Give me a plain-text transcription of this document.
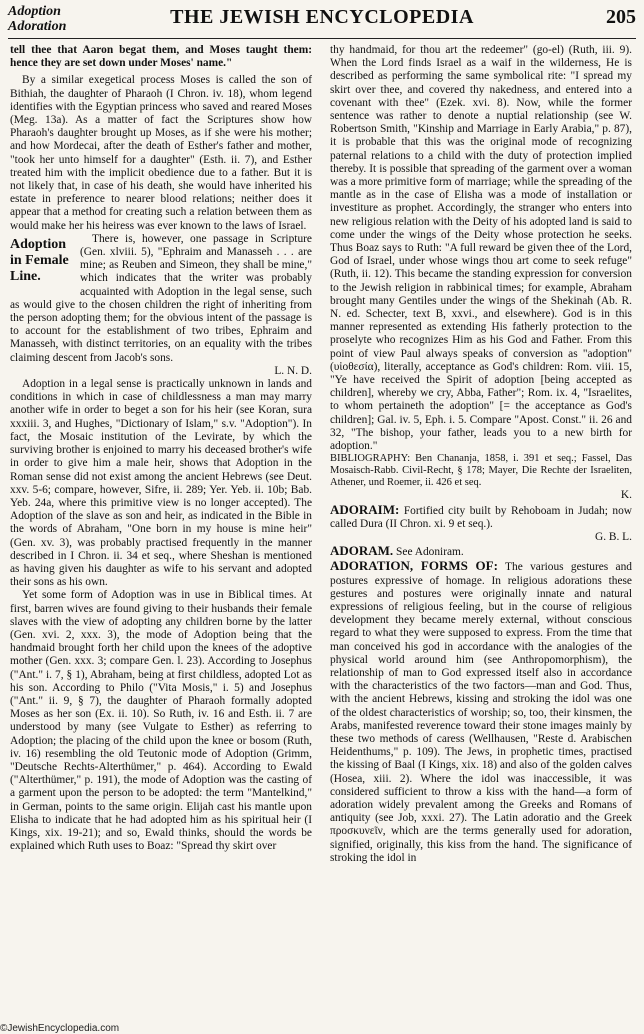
Adoption
Adoration	THE JEWISH ENCYCLOPEDIA	205

tell thee that Aaron begat them, and Moses taught them: hence they are set down under Moses' name."

By a similar exegetical process Moses is called the son of Bithiah, the daughter of Pharaoh (I Chron. iv. 18), whom legend identifies with the Egyptian princess who saved and reared Moses (Meg. 13a). As a matter of fact the Scriptures show how Pharaoh's daughter brought up Moses, as if she were his mother; and how Mordecai, after the death of Esther's father and mother, "took her unto himself for a daughter" (Esth. ii. 7), and Esther treated him with the implicit obedience due to a father. But it is not likely that, in case of his death, she would have inherited his estate in preference to nearer blood relations; neither does it appear that a method for creating such a relation between them as would make her his heiress was ever known to the laws of Israel.

Adoption in Female Line.

There is, however, one passage in Scripture (Gen. xlviii. 5), "Ephraim and Manasseh . . . are mine; as Reuben and Simeon, they shall be mine," which indicates that the writer was probably acquainted with Adoption in the legal sense, such as would give to the chosen children the right of inheriting from the person adopting them; for the obvious intent of the passage is to account for the establishment of two tribes, Ephraim and Manasseh, with distinct territories, on an equality with the tribes claiming descent from Jacob's sons.

L. N. D.

Adoption in a legal sense is practically unknown in lands and conditions in which in case of childlessness a man may marry another wife in order to beget a son for his heir (see Koran, sura xxxiii. 3, and Hughes, "Dictionary of Islam," s.v. "Adoption"). In fact, the Mosaic institution of the Levirate, by which the surviving brother is enjoined to marry his deceased brother's wife in order to give him a male heir, shows that Adoption in the Roman sense did not exist among the ancient Hebrews (see Deut. xxv. 5-6; compare, however, Sifre, ii. 289; Yer. Yeb. ii. 10b; Bab. Yeb. 24a, where this primitive view is no longer accepted). The Adoption of the slave as son and heir, as indicated in the Bible in the words of Abraham, "One born in my house is mine heir" (Gen. xv. 3), was probably practised frequently in the manner described in I Chron. ii. 34 et seq., where Sheshan is mentioned as having given his daughter as wife to his servant and adopted their sons as his own.

Yet some form of Adoption was in use in Biblical times. At first, barren wives are found giving to their husbands their female slaves with the view of adopting any children borne by the latter (Gen. xvi. 2, xxx. 3), the mode of Adoption being that the handmaid brought forth her child upon the knees of the adoptive mother (Gen. xxx. 3; compare Gen. l. 23). According to Josephus ("Ant." i. 7, § 1), Abraham, being at first childless, adopted Lot as his son. According to Philo ("Vita Mosis," i. 5) and Josephus ("Ant." ii. 9, § 7), the daughter of Pharaoh formally adopted Moses as her son (Ex. ii. 10). So Ruth, iv. 16 and Esth. ii. 7 are understood by many (see Vulgate to Esther) as referring to Adoption; the placing of the child upon the knee or bosom (Ruth, iv. 16) resembling the old Teutonic mode of Adoption (Grimm, "Deutsche Rechts-Alterthümer," p. 464). According to Ewald ("Alterthümer," p. 191), the mode of Adoption was the casting of a garment upon the person to be adopted: the term "Mantelkind," in German, points to the same origin. Elijah cast his mantle upon Elisha to indicate that he had adopted him as his spiritual heir (I Kings, xix. 19-21); and so, Ewald thinks, should the words be explained which Ruth uses to Boaz: "Spread thy skirt over

thy handmaid, for thou art the redeemer" (go-el) (Ruth, iii. 9). When the Lord finds Israel as a waif in the wilderness, He is described as performing the same symbolical rite: "I spread my skirt over thee, and covered thy nakedness, and entered into a covenant with thee" (Ezek. xvi. 8). Now, while the former sentence was rather to denote a nuptial relationship (see W. Robertson Smith, "Kinship and Marriage in Early Arabia," p. 87), it is probable that this was the original mode of recognizing paternal relations to a child with the duty of protection implied thereby. It is possible that spreading of the garment over a woman was a more primitive form of marriage; while the spreading of the mantle as in the case of Elisha was a mode of installation or investiture as prophet. Accordingly, the stranger who enters into new religious relation with the Deity of his adopted land is said to come under the wings of the Deity whose protection he seeks. Thus Boaz says to Ruth: "A full reward be given thee of the Lord, God of Israel, under whose wings thou art come to seek refuge" (Ruth, ii. 12). This became the standing expression for conversion to the Jewish religion in rabbinical times; for example, Abraham brought many Gentiles under the wings of the Shekinah (Ab. R. N. ed. Schecter, text B, xxvi., and elsewhere). God is in this manner represented as extending His fatherly protection to the proselyte who recognizes Him as his God and Father. From this point of view Paul always speaks of conversion as "adoption" (υἱοθεσία), literally, acceptance as God's children: Rom. viii. 15, "Ye have received the Spirit of adoption [being accepted as children], whereby we cry, Abba, Father"; Rom. ix. 4, "Israelites, to whom pertaineth the adoption" [= the acceptance as God's children]; Gal. iv. 5, Eph. i. 5. Compare "Apost. Const." ii. 26 and 32, "The bishop, your father, leads you to a new birth for adoption."

BIBLIOGRAPHY: Ben Chananja, 1858, i. 391 et seq.; Fassel, Das Mosaisch-Rabb. Civil-Recht, § 178; Mayer, Die Rechte der Israeliten, Athener, und Roemer, ii. 426 et seq.

K.

ADORAIM: Fortified city built by Rehoboam in Judah; now called Dura (II Chron. xi. 9 et seq.).

G. B. L.

ADORAM. See Adoniram.

ADORATION, FORMS OF: The various gestures and postures expressive of homage. In religious adorations these gestures and postures were originally innate and natural expressions of religious feeling, but in the course of religious development they became merely external, without conscious regard to what they were supposed to express. From the time that man conceived his god in accordance with the analogies of the physical world around him (see Anthropomorphism), the relationship of man to God expressed itself also in accordance with the characteristics of the two factors—man and God. Thus, with the ancient Hebrews, kissing and stroking the idol was one of the oldest characteristics of worship; so, too, their kinsmen, the Arabs, manifested reverence toward their stone images mainly by these two methods of caress (Wellhausen, "Reste d. Arabischen Heidenthums," p. 109). The Jews, in prophetic times, practised the kissing of Baal (I Kings, xix. 18) and also of the golden calves (Hosea, xiii. 2). Where the idol was inaccessible, it was considered sufficient to throw a kiss with the hand—a form of adoration widely prevalent among the Greeks and Romans of antiquity (see Job, xxxi. 27). The Latin adoratio and the Greek προσκυνεῖν, which are the terms generally used for adoration, signified, originally, this kiss from the hand. The significance of stroking the idol in

©JewishEncyclopedia.com
